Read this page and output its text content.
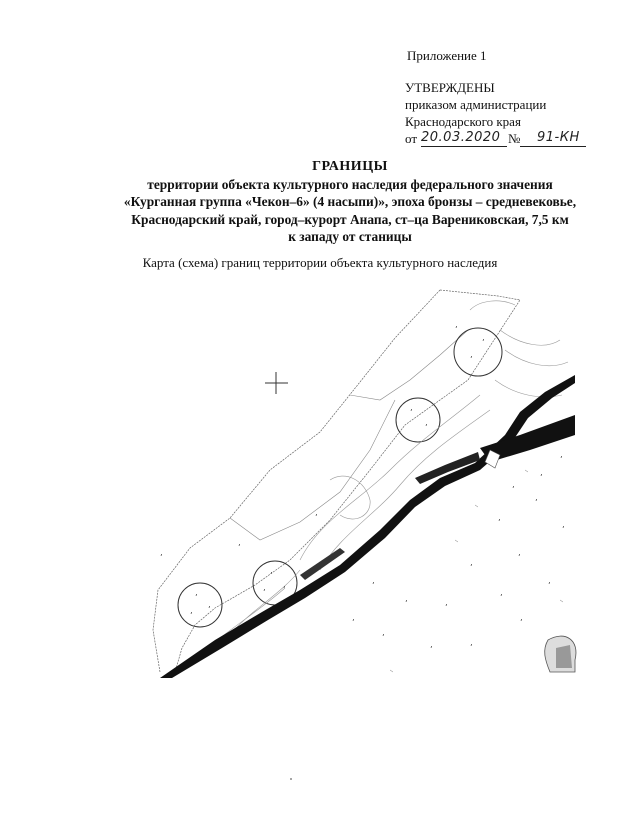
Приложение 1
УТВЕРЖДЕНЫ
приказом администрации
Краснодарского края
от 20.03.2020 № 91-КН
ГРАНИЦЫ
территории объекта культурного наследия федерального значения
«Курганная группа «Чекон–6» (4 насыпи)», эпоха бронзы – средневековье,
Краснодарский край, город–курорт Анапа, ст–ца Варениковская, 7,5 км
к западу от станицы
Карта (схема) границ территории объекта культурного наследия
ʼ
ʼ
ʼ
ʼ
ʼ
ʼ
ʼ
ʼ
ʼ
ʼ
ʼ
ʼ
ʼ
ʼ
ʼ
ʼ
ʼ
ʼ
ʼ
ʼ
ʼ
ʼ
ʼ
ʼ
ʼ
ʼ
ʼ
ʼ
ʼ
ʼ
ʼ
ʼ
